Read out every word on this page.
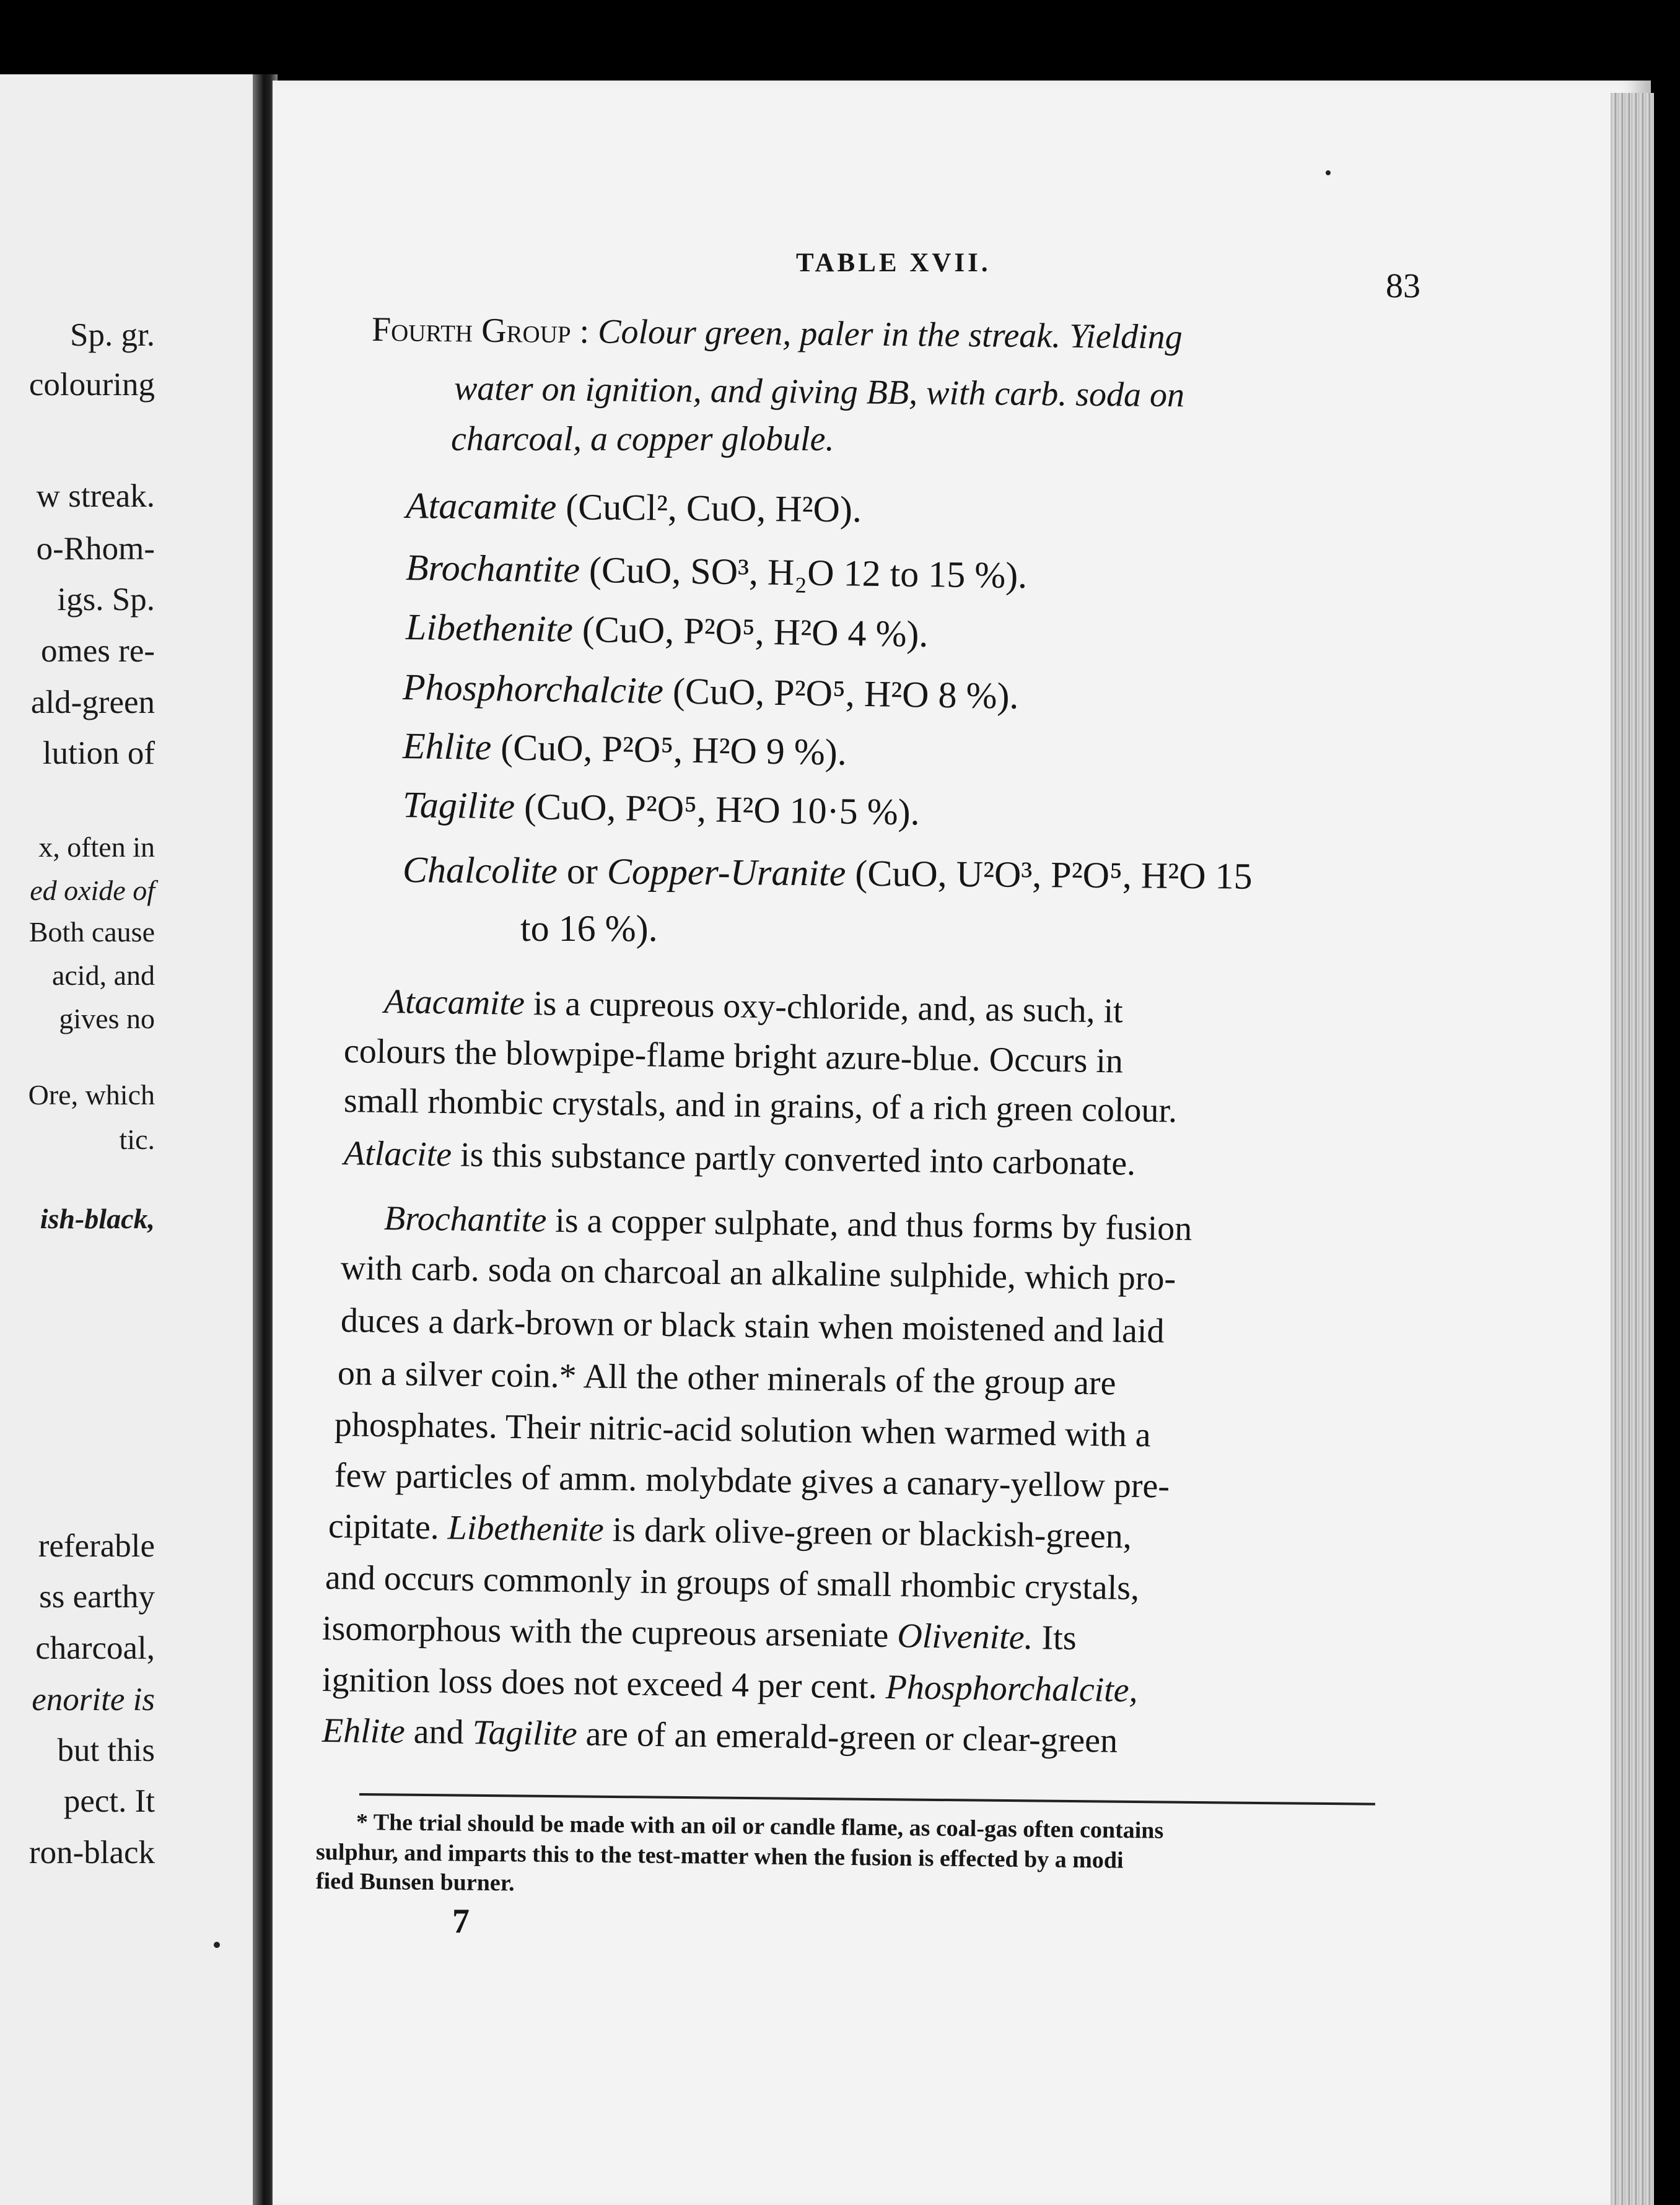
Sp. gr.
colouring
w streak.
o-Rhom-
igs. Sp.
omes re-
ald-green
lution of
x, often in
ed oxide of
Both cause
acid, and
gives no
Ore, which
tic.
ish-black,
referable
ss earthy
charcoal,
enorite is
but this
pect. It
ron-black
TABLE XVII.
83
Fourth Group : Colour green, paler in the streak. Yielding
water on ignition, and giving BB, with carb. soda on
charcoal, a copper globule.
Atacamite (CuCl², CuO, H²O).
Brochantite (CuO, SO³, H₂O 12 to 15 %).
Libethenite (CuO, P²O⁵, H²O 4 %).
Phosphorchalcite (CuO, P²O⁵, H²O 8 %).
Ehlite (CuO, P²O⁵, H²O 9 %).
Tagilite (CuO, P²O⁵, H²O 10·5 %).
Chalcolite or Copper-Uranite (CuO, U²O³, P²O⁵, H²O 15
to 16 %).
Atacamite is a cupreous oxy-chloride, and, as such, it
colours the blowpipe-flame bright azure-blue. Occurs in
small rhombic crystals, and in grains, of a rich green colour.
Atlacite is this substance partly converted into carbonate.
Brochantite is a copper sulphate, and thus forms by fusion
with carb. soda on charcoal an alkaline sulphide, which pro-
duces a dark-brown or black stain when moistened and laid
on a silver coin.* All the other minerals of the group are
phosphates. Their nitric-acid solution when warmed with a
few particles of amm. molybdate gives a canary-yellow pre-
cipitate. Libethenite is dark olive-green or blackish-green,
and occurs commonly in groups of small rhombic crystals,
isomorphous with the cupreous arseniate Olivenite. Its
ignition loss does not exceed 4 per cent. Phosphorchalcite,
Ehlite and Tagilite are of an emerald-green or clear-green
* The trial should be made with an oil or candle flame, as coal-gas often contains
sulphur, and imparts this to the test-matter when the fusion is effected by a modi
fied Bunsen burner.
7
